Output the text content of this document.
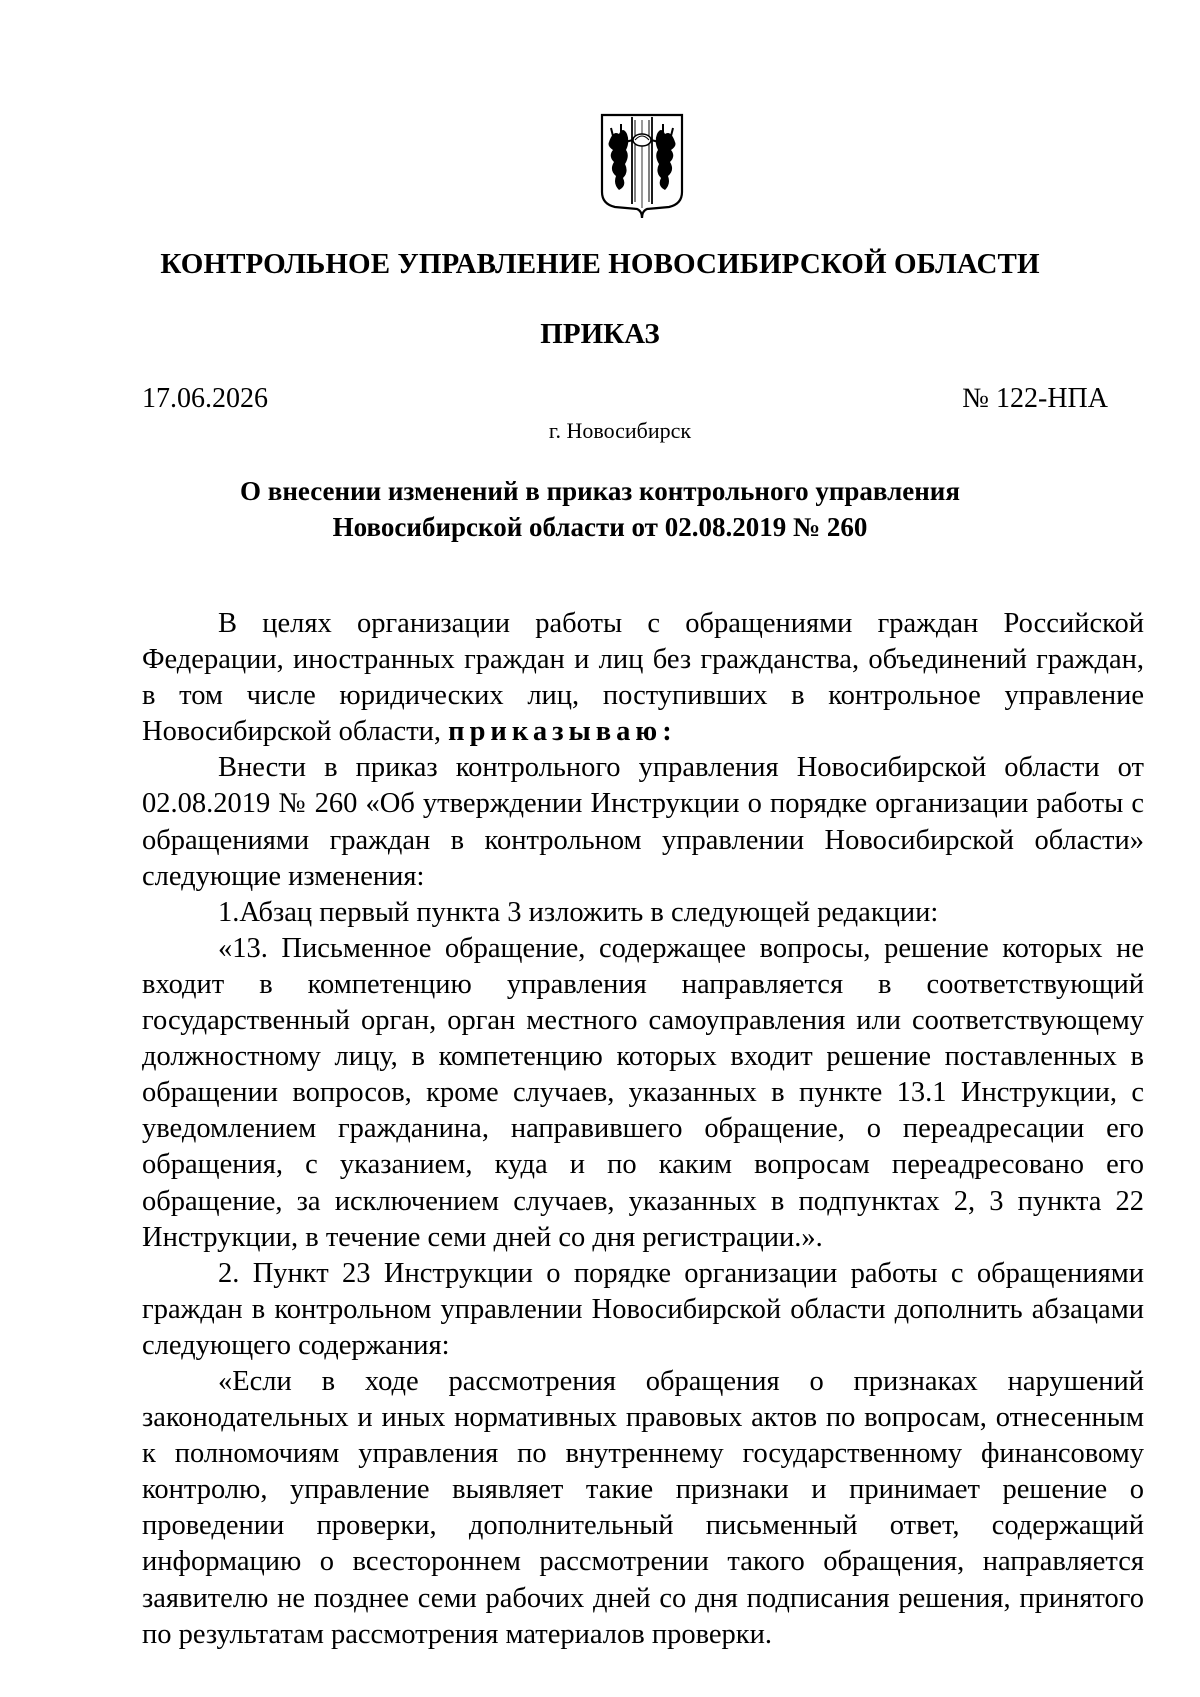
КОНТРОЛЬНОЕ УПРАВЛЕНИЕ НОВОСИБИРСКОЙ ОБЛАСТИ
ПРИКАЗ
17.06.2026	№ 122-НПА
г. Новосибирск
О внесении изменений в приказ контрольного управления
Новосибирской области от 02.08.2019 № 260

В целях организации работы с обращениями граждан Российской Федерации, иностранных граждан и лиц без гражданства, объединений граждан, в том числе юридических лиц, поступивших в контрольное управление Новосибирской области, приказываю:

Внести в приказ контрольного управления Новосибирской области от 02.08.2019 № 260 «Об утверждении Инструкции о порядке организации работы с обращениями граждан в контрольном управлении Новосибирской области» следующие изменения:

1.Абзац первый пункта 3 изложить в следующей редакции:

«13. Письменное обращение, содержащее вопросы, решение которых не входит в компетенцию управления направляется в соответствующий государственный орган, орган местного самоуправления или соответствующему должностному лицу, в компетенцию которых входит решение поставленных в обращении вопросов, кроме случаев, указанных в пункте 13.1 Инструкции, с уведомлением гражданина, направившего обращение, о переадресации его обращения, с указанием, куда и по каким вопросам переадресовано его обращение, за исключением случаев, указанных в подпунктах 2, 3 пункта 22 Инструкции, в течение семи дней со дня регистрации.».

2. Пункт 23 Инструкции о порядке организации работы с обращениями граждан в контрольном управлении Новосибирской области дополнить абзацами следующего содержания:

«Если в ходе рассмотрения обращения о признаках нарушений законодательных и иных нормативных правовых актов по вопросам, отнесенным к полномочиям управления по внутреннему государственному финансовому контролю, управление выявляет такие признаки и принимает решение о проведении проверки, дополнительный письменный ответ, содержащий информацию о всестороннем рассмотрении такого обращения, направляется заявителю не позднее семи рабочих дней со дня подписания решения, принятого по результатам рассмотрения материалов проверки.
